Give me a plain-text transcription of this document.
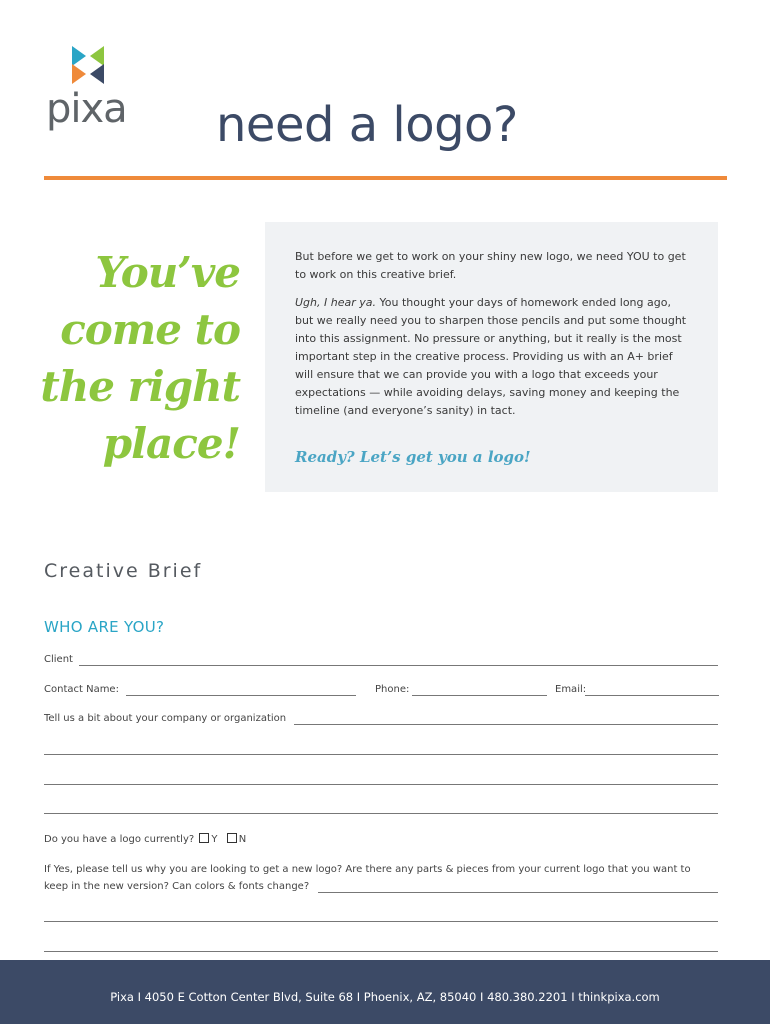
pixa need a logo?
You’ve
come to
the right
place!

But before we get to work on your shiny new logo, we need YOU to get to work on this creative brief.

Ugh, I hear ya. You thought your days of homework ended long ago, but we really need you to sharpen those pencils and put some thought into this assignment. No pressure or anything, but it really is the most important step in the creative process. Providing us with an A+ brief will ensure that we can provide you with a logo that exceeds your expectations — while avoiding delays, saving money and keeping the timeline (and everyone’s sanity) in tact.

Ready? Let’s get you a logo!
Creative Brief
WHO ARE YOU?
Client
Contact Name:	Phone:	Email:
Tell us a bit about your company or organization
Do you have a logo currently? Y N
If Yes, please tell us why you are looking to get a new logo? Are there any parts & pieces from your current logo that you want to
keep in the new version? Can colors & fonts change?
Pixa I 4050 E Cotton Center Blvd, Suite 68 I Phoenix, AZ, 85040 I 480.380.2201 I thinkpixa.com
